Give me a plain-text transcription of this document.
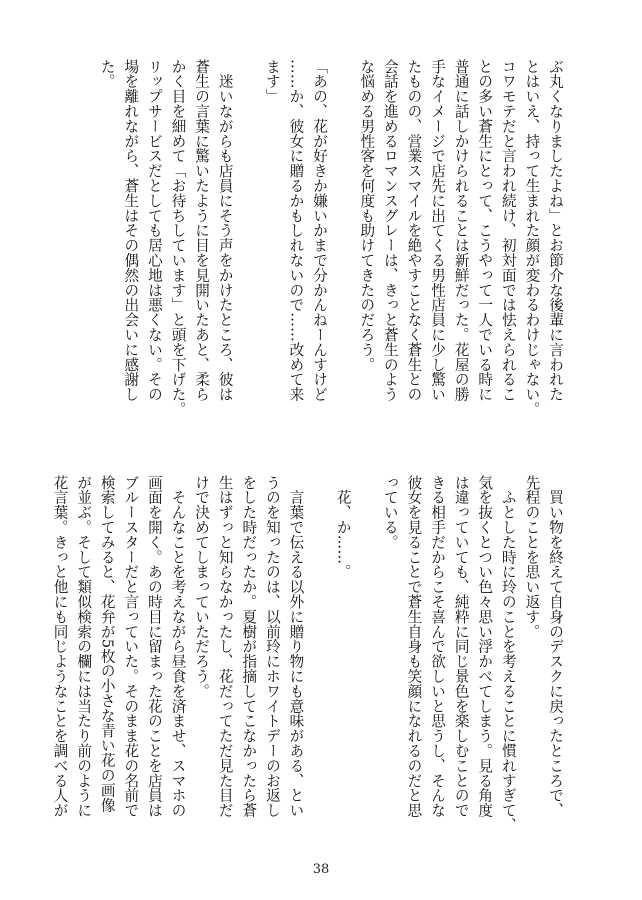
ぶ丸くなりましたよね」とお節介な後輩に言われた
とはいえ、持って生まれた顔が変わるわけじゃない。
コワモテだと言われ続け、初対面では怯えられるこ
との多い蒼生にとって、こうやって一人でいる時に
普通に話しかけられることは新鮮だった。花屋の勝
手なイメージで店先に出てくる男性店員に少し驚い
たものの、営業スマイルを絶やすことなく蒼生との
会話を進めるロマンスグレーは、きっと蒼生のよう
な悩める男性客を何度も助けてきたのだろう。
「あの、花が好きか嫌いかまで分かんねーんすけど
……か、彼女に贈るかもしれないので……改めて来
ます」
　迷いながらも店員にそう声をかけたところ、彼は
蒼生の言葉に驚いたように目を見開いたあと、柔ら
かく目を細めて「お待ちしています」と頭を下げた。
リップサービスだとしても居心地は悪くない。その
場を離れながら、蒼生はその偶然の出会いに感謝し
た。
　買い物を終えて自身のデスクに戻ったところで、
先程のことを思い返す。
　ふとした時に玲のことを考えることに慣れすぎて、
気を抜くとつい色々思い浮かべてしまう。見る角度
は違っていても、純粋に同じ景色を楽しむことので
きる相手だからこそ喜んで欲しいと思うし、そんな
彼女を見ることで蒼生自身も笑顔になれるのだと思
っている。
　花、か……。
　言葉で伝える以外に贈り物にも意味がある、とい
うのを知ったのは、以前玲にホワイトデーのお返し
をした時だったか。夏樹が指摘してこなかったら蒼
生はずっと知らなかったし、花だってただ見た目だ
けで決めてしまっていただろう。
　そんなことを考えながら昼食を済ませ、スマホの
画面を開く。あの時目に留まった花のことを店員は
ブルースターだと言っていた。そのまま花の名前で
検索してみると、花弁が5枚の小さな青い花の画像
が並ぶ。そして類似検索の欄には当たり前のように
花言葉。きっと他にも同じようなことを調べる人が
38
